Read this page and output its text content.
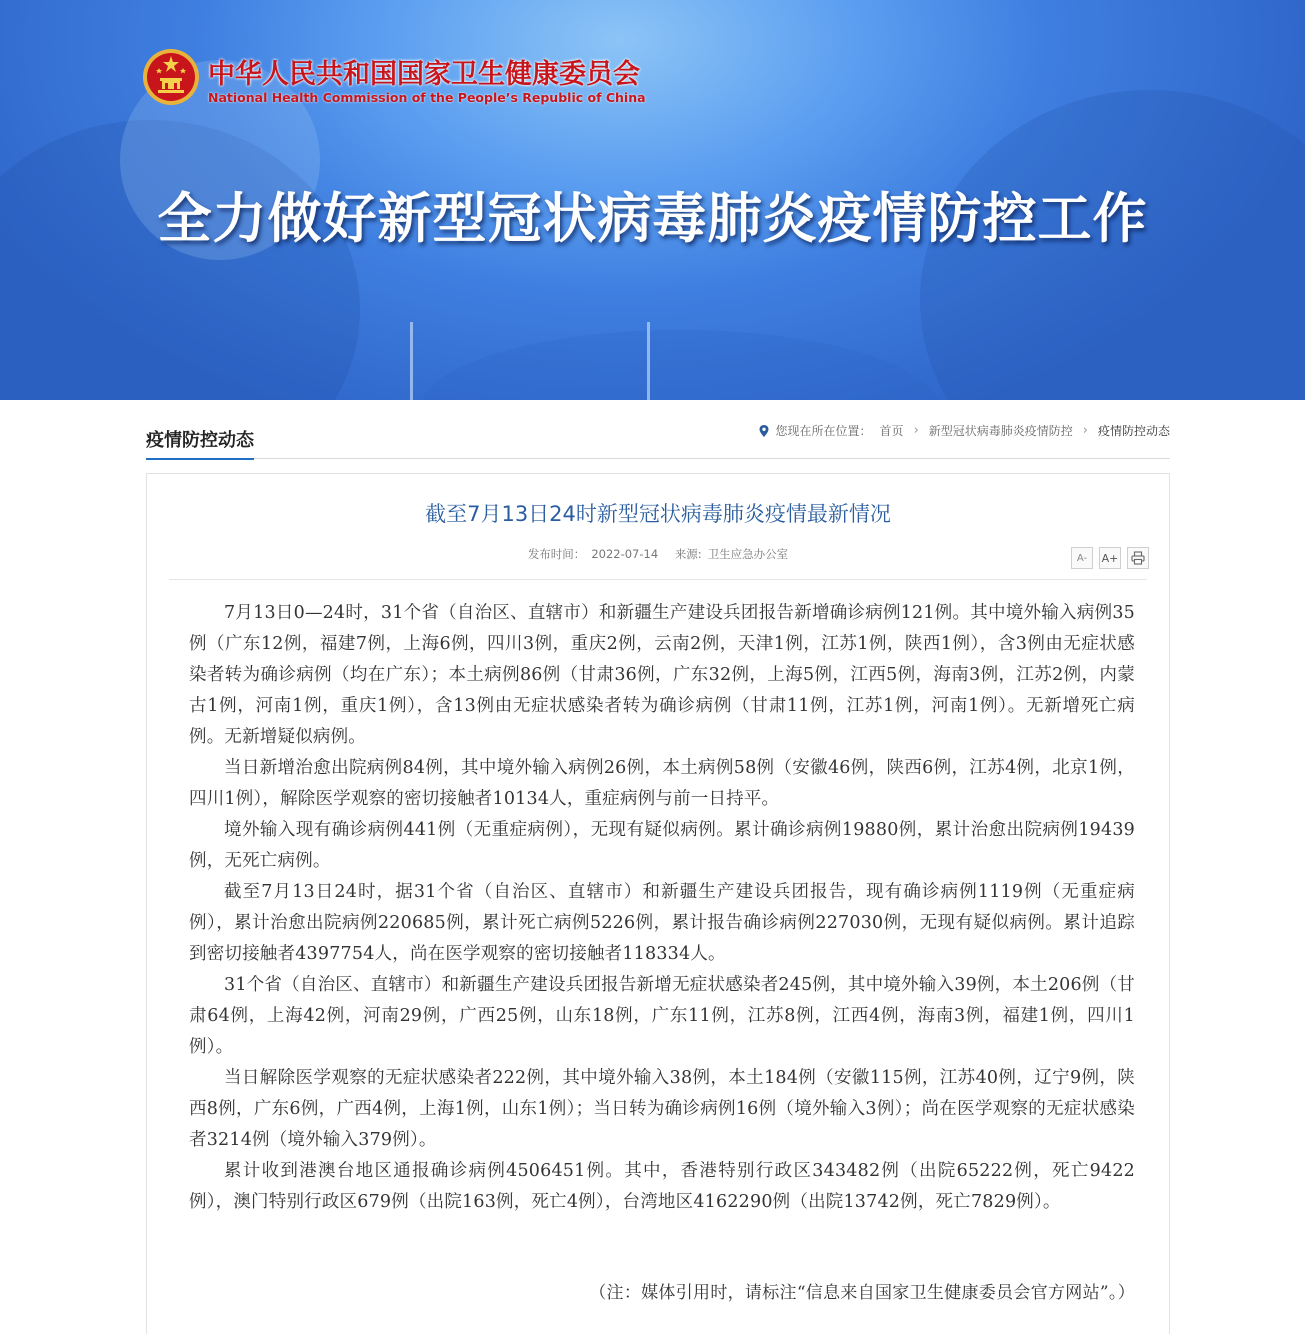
中华人民共和国国家卫生健康委员会
National Health Commission of the People’s Republic of China
全力做好新型冠状病毒肺炎疫情防控工作
疫情防控动态	您现在所在位置： 首页 › 新型冠状病毒肺炎疫情防控 › 疫情防控动态
截至7月13日24时新型冠状病毒肺炎疫情最新情况
发布时间： 2022-07-14 来源: 卫生应急办公室	A- A+

7月13日0—24时，31个省（自治区、直辖市）和新疆生产建设兵团报告新增确诊病例121例。其中境外输入病例35例（广东12例，福建7例，上海6例，四川3例，重庆2例，云南2例，天津1例，江苏1例，陕西1例），含3例由无症状感染者转为确诊病例（均在广东）；本土病例86例（甘肃36例，广东32例，上海5例，江西5例，海南3例，江苏2例，内蒙古1例，河南1例，重庆1例），含13例由无症状感染者转为确诊病例（甘肃11例，江苏1例，河南1例）。无新增死亡病例。无新增疑似病例。

当日新增治愈出院病例84例，其中境外输入病例26例，本土病例58例（安徽46例，陕西6例，江苏4例，北京1例，四川1例），解除医学观察的密切接触者10134人，重症病例与前一日持平。

境外输入现有确诊病例441例（无重症病例），无现有疑似病例。累计确诊病例19880例，累计治愈出院病例19439例，无死亡病例。

截至7月13日24时，据31个省（自治区、直辖市）和新疆生产建设兵团报告，现有确诊病例1119例（无重症病例），累计治愈出院病例220685例，累计死亡病例5226例，累计报告确诊病例227030例，无现有疑似病例。累计追踪到密切接触者4397754人，尚在医学观察的密切接触者118334人。

31个省（自治区、直辖市）和新疆生产建设兵团报告新增无症状感染者245例，其中境外输入39例，本土206例（甘肃64例，上海42例，河南29例，广西25例，山东18例，广东11例，江苏8例，江西4例，海南3例，福建1例，四川1例）。

当日解除医学观察的无症状感染者222例，其中境外输入38例，本土184例（安徽115例，江苏40例，辽宁9例，陕西8例，广东6例，广西4例，上海1例，山东1例）；当日转为确诊病例16例（境外输入3例）；尚在医学观察的无症状感染者3214例（境外输入379例）。

累计收到港澳台地区通报确诊病例4506451例。其中，香港特别行政区343482例（出院65222例，死亡9422例），澳门特别行政区679例（出院163例，死亡4例），台湾地区4162290例（出院13742例，死亡7829例）。

（注：媒体引用时，请标注“信息来自国家卫生健康委员会官方网站”。）
